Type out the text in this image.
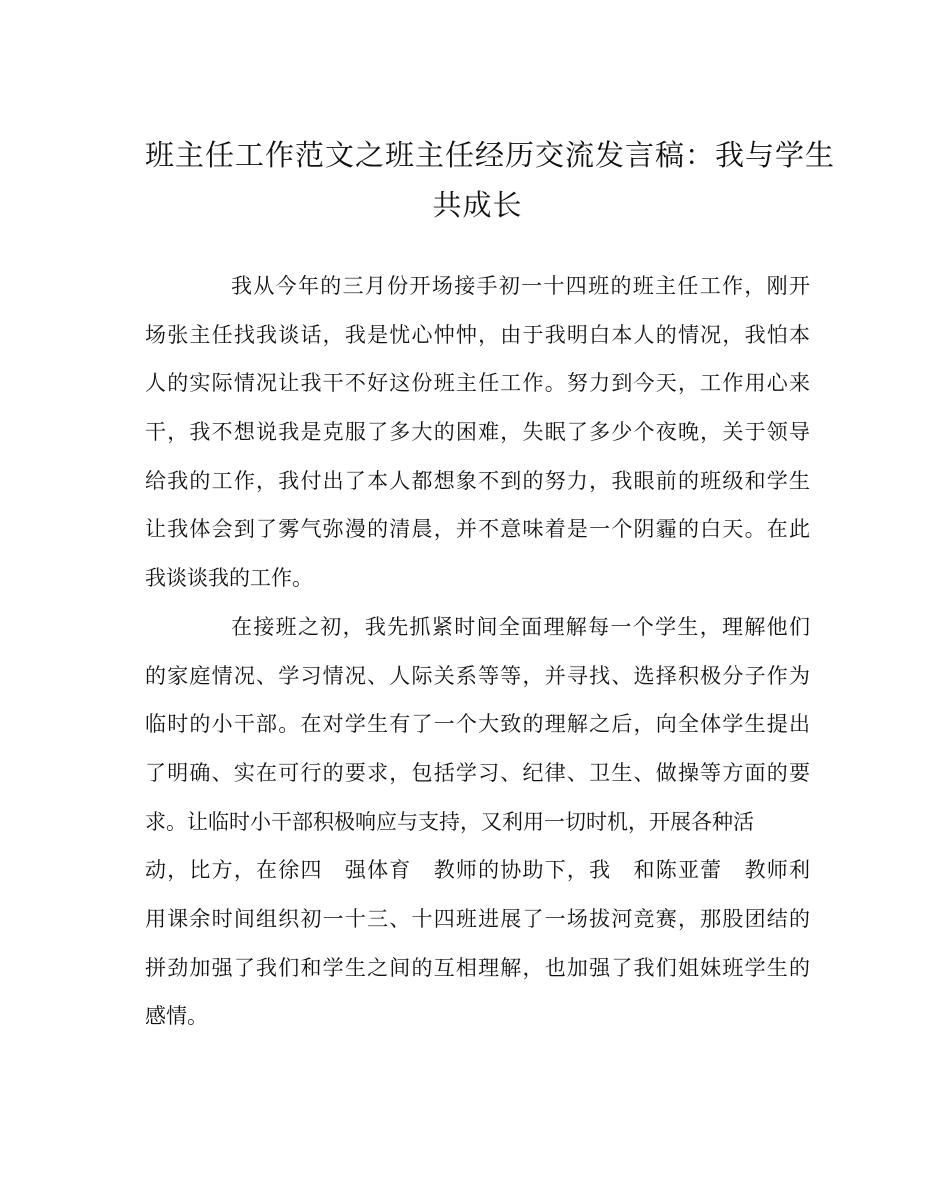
班主任工作范文之班主任经历交流发言稿：我与学生
共成长
我从今年的三月份开场接手初一十四班的班主任工作，刚开
场张主任找我谈话，我是忧心忡忡，由于我明白本人的情况，我怕本
人的实际情况让我干不好这份班主任工作。努力到今天，工作用心来
干，我不想说我是克服了多大的困难，失眠了多少个夜晚，关于领导
给我的工作，我付出了本人都想象不到的努力，我眼前的班级和学生
让我体会到了雾气弥漫的清晨，并不意味着是一个阴霾的白天。在此
我谈谈我的工作。
在接班之初，我先抓紧时间全面理解每一个学生，理解他们
的家庭情况、学习情况、人际关系等等，并寻找、选择积极分子作为
临时的小干部。在对学生有了一个大致的理解之后，向全体学生提出
了明确、实在可行的要求，包括学习、纪律、卫生、做操等方面的要
求。让临时小干部积极响应与支持，又利用一切时机，开展各种活
动，比方，在徐四　强体育　教师的协助下，我　和陈亚蕾　教师利
用课余时间组织初一十三、十四班进展了一场拔河竞赛，那股团结的
拼劲加强了我们和学生之间的互相理解，也加强了我们姐妹班学生的
感情。
